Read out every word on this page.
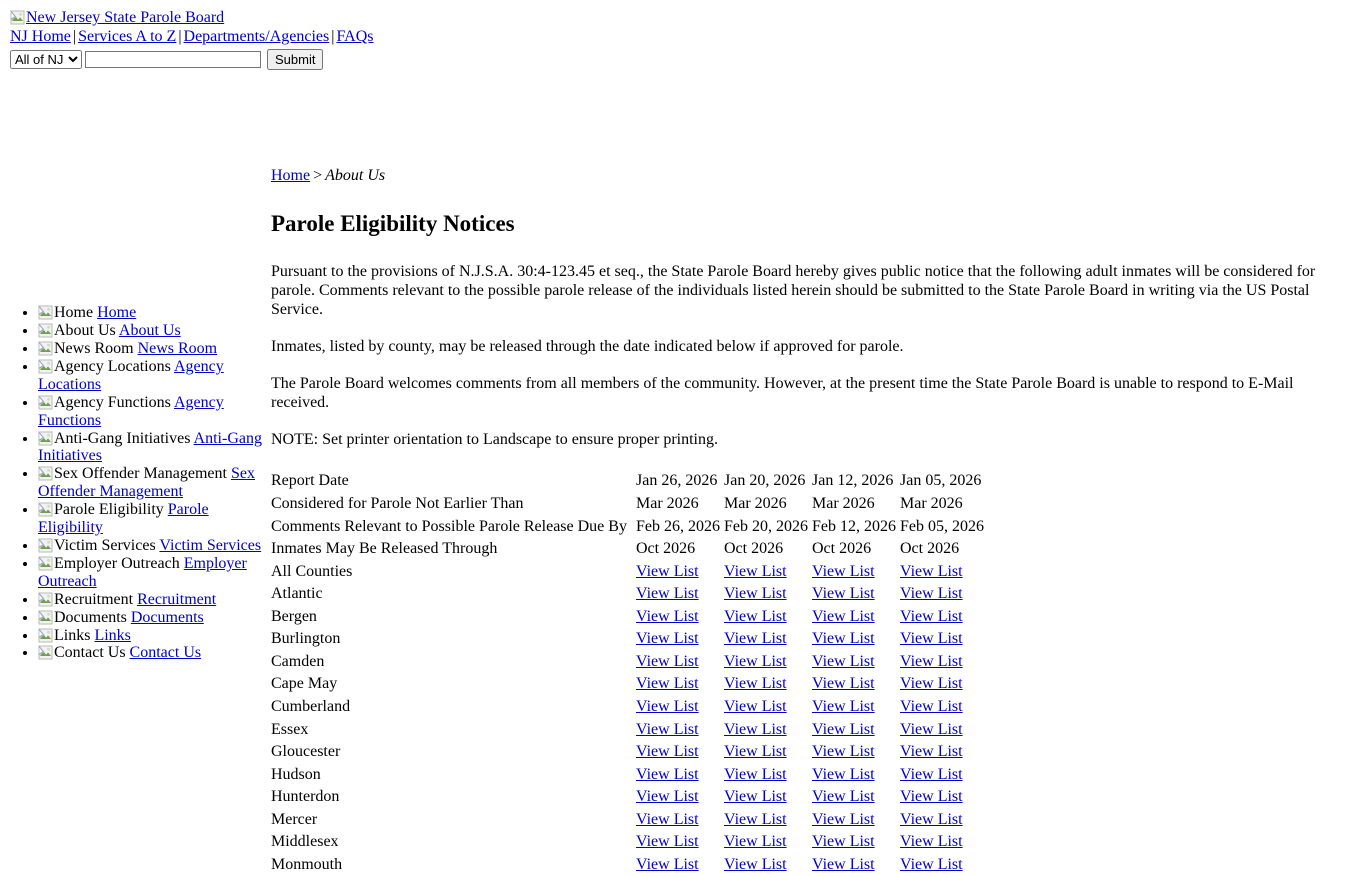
New Jersey State Parole Board
NJ Home | Services A to Z | Departments/Agencies | FAQs
All of NJSubmit
• Home Home
• About Us About Us
• News Room News Room
• Agency Locations Agency Locations
• Agency Functions Agency Functions
• Anti-Gang Initiatives Anti-Gang Initiatives
• Sex Offender Management Sex Offender Management
• Parole Eligibility Parole Eligibility
• Victim Services Victim Services
• Employer Outreach Employer Outreach
• Recruitment Recruitment
• Documents Documents
• Links Links
• Contact Us Contact Us
Home > About Us
Parole Eligibility Notices

Pursuant to the provisions of N.J.S.A. 30:4-123.45 et seq., the State Parole Board hereby gives public notice that the following adult inmates will be considered for parole. Comments relevant to the possible parole release of the individuals listed herein should be submitted to the State Parole Board in writing via the US Postal Service.

Inmates, listed by county, may be released through the date indicated below if approved for parole.

The Parole Board welcomes comments from all members of the community. However, at the present time the State Parole Board is unable to respond to E-Mail received.

NOTE: Set printer orientation to Landscape to ensure proper printing.

Report Date	Jan 26, 2026	Jan 20, 2026	Jan 12, 2026	Jan 05, 2026
Considered for Parole Not Earlier Than	Mar 2026	Mar 2026	Mar 2026	Mar 2026
Comments Relevant to Possible Parole Release Due By	Feb 26, 2026	Feb 20, 2026	Feb 12, 2026	Feb 05, 2026
Inmates May Be Released Through	Oct 2026	Oct 2026	Oct 2026	Oct 2026
All Counties	View List	View List	View List	View List
Atlantic	View List	View List	View List	View List
Bergen	View List	View List	View List	View List
Burlington	View List	View List	View List	View List
Camden	View List	View List	View List	View List
Cape May	View List	View List	View List	View List
Cumberland	View List	View List	View List	View List
Essex	View List	View List	View List	View List
Gloucester	View List	View List	View List	View List
Hudson	View List	View List	View List	View List
Hunterdon	View List	View List	View List	View List
Mercer	View List	View List	View List	View List
Middlesex	View List	View List	View List	View List
Monmouth	View List	View List	View List	View List
